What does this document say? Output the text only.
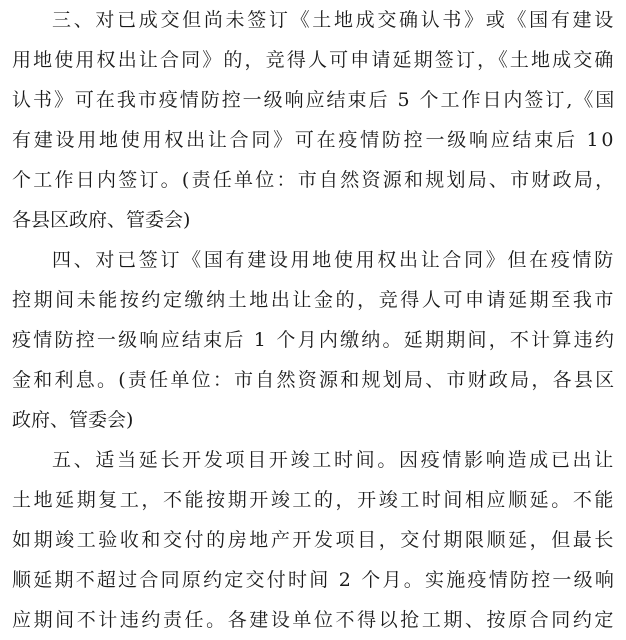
三、对已成交但尚未签订《土地成交确认书》或《国有建设
用地使用权出让合同》的，竞得人可申请延期签订，《土地成交确
认书》可在我市疫情防控一级响应结束后 5 个工作日内签订,《国
有建设用地使用权出让合同》可在疫情防控一级响应结束后 10
个工作日内签订。(责任单位：市自然资源和规划局、市财政局，
各县区政府、管委会)
四、对已签订《国有建设用地使用权出让合同》但在疫情防
控期间未能按约定缴纳土地出让金的，竞得人可申请延期至我市
疫情防控一级响应结束后 1 个月内缴纳。延期期间，不计算违约
金和利息。(责任单位：市自然资源和规划局、市财政局，各县区
政府、管委会)
五、适当延长开发项目开竣工时间。因疫情影响造成已出让
土地延期复工，不能按期开竣工的，开竣工时间相应顺延。不能
如期竣工验收和交付的房地产开发项目，交付期限顺延，但最长
顺延期不超过合同原约定交付时间 2 个月。实施疫情防控一级响
应期间不计违约责任。各建设单位不得以抢工期、按原合同约定
